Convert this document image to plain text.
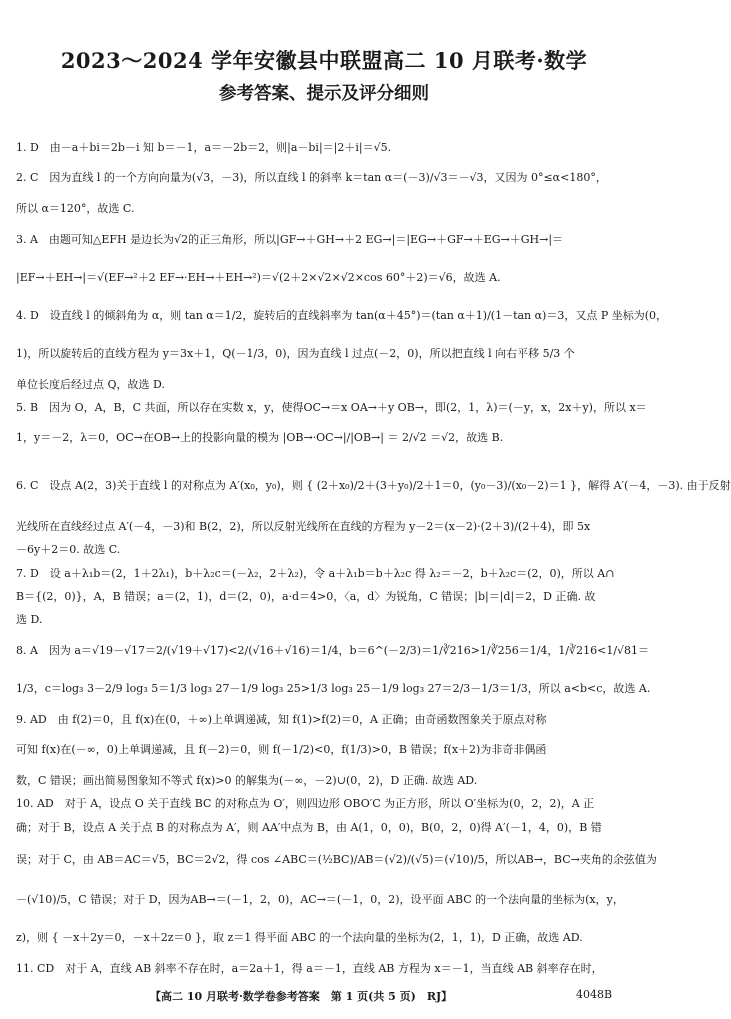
2023～2024 学年安徽县中联盟高二 10 月联考·数学
参考答案、提示及评分细则
1. D　由－a＋bi＝2b－i 知 b＝－1，a＝－2b＝2，则|a－bi|＝|2＋i|＝√5.
2. C　因为直线 l 的一个方向向量为(√3，－3)，所以直线 l 的斜率 k＝tan α＝(－3)/√3＝－√3，又因为 0°≤α<180°，
所以 α＝120°，故选 C.
3. A　由题可知△EFH 是边长为√2的正三角形，所以|GF→＋GH→＋2 EG→|＝|EG→＋GF→＋EG→＋GH→|＝
|EF→＋EH→|＝√(EF→²＋2 EF→·EH→＋EH→²)＝√(2＋2×√2×√2×cos 60°＋2)＝√6，故选 A.
4. D　设直线 l 的倾斜角为 α，则 tan α＝1/2，旋转后的直线斜率为 tan(α＋45°)＝(tan α＋1)/(1－tan α)＝3，又点 P 坐标为(0，
1)，所以旋转后的直线方程为 y＝3x＋1，Q(－1/3，0)，因为直线 l 过点(－2，0)，所以把直线 l 向右平移 5/3 个
单位长度后经过点 Q，故选 D.
5. B　因为 O，A，B，C 共面，所以存在实数 x，y，使得OC→＝x OA→＋y OB→，即(2，1，λ)＝(－y，x，2x＋y)，所以 x＝
1，y＝－2，λ＝0，OC→在OB→上的投影向量的模为 |OB→·OC→|/|OB→| ＝ 2/√2 ＝√2，故选 B.
6. C　设点 A(2，3)关于直线 l 的对称点为 A′(x₀，y₀)，则 { (2＋x₀)/2＋(3＋y₀)/2＋1＝0，(y₀－3)/(x₀－2)＝1 }，解得 A′(－4，－3). 由于反射
光线所在直线经过点 A′(－4，－3)和 B(2，2)，所以反射光线所在直线的方程为 y－2＝(x－2)·(2＋3)/(2＋4)，即 5x
－6y＋2＝0. 故选 C.
7. D　设 a＋λ₁b＝(2，1＋2λ₁)，b＋λ₂c＝(－λ₂，2＋λ₂)，令 a＋λ₁b＝b＋λ₂c 得 λ₂＝－2，b＋λ₂c＝(2，0)，所以 A∩
B＝{(2，0)}，A，B 错误；a＝(2，1)，d＝(2，0)，a·d＝4>0，〈a，d〉为锐角，C 错误；|b|＝|d|＝2，D 正确. 故
选 D.
8. A　因为 a＝√19－√17＝2/(√19＋√17)<2/(√16＋√16)＝1/4，b＝6^(－2/3)＝1/∛216>1/∛256＝1/4，1/∛216<1/√81＝
1/3，c＝log₃ 3－2/9 log₃ 5＝1/3 log₃ 27－1/9 log₃ 25>1/3 log₃ 25－1/9 log₃ 27＝2/3－1/3＝1/3，所以 a<b<c，故选 A.
9. AD　由 f(2)＝0，且 f(x)在(0，＋∞)上单调递减，知 f(1)>f(2)＝0，A 正确；由奇函数图象关于原点对称
可知 f(x)在(－∞，0)上单调递减，且 f(－2)＝0，则 f(－1/2)<0，f(1/3)>0，B 错误；f(x＋2)为非奇非偶函
数，C 错误；画出简易图象知不等式 f(x)>0 的解集为(－∞，－2)∪(0，2)，D 正确. 故选 AD.
10. AD　对于 A，设点 O 关于直线 BC 的对称点为 O′，则四边形 OBO′C 为正方形，所以 O′坐标为(0，2，2)，A 正
确；对于 B，设点 A 关于点 B 的对称点为 A′，则 AA′中点为 B，由 A(1，0，0)，B(0，2，0)得 A′(－1，4，0)，B 错
误；对于 C，由 AB＝AC＝√5，BC＝2√2，得 cos ∠ABC＝(½BC)/AB＝(√2)/(√5)＝(√10)/5，所以AB→，BC→夹角的余弦值为
－(√10)/5，C 错误；对于 D，因为AB→＝(－1，2，0)，AC→＝(－1，0，2)，设平面 ABC 的一个法向量的坐标为(x，y，
z)，则 { －x＋2y＝0，－x＋2z＝0 }，取 z＝1 得平面 ABC 的一个法向量的坐标为(2，1，1)，D 正确，故选 AD.
11. CD　对于 A，直线 AB 斜率不存在时，a＝2a＋1，得 a＝－1，直线 AB 方程为 x＝－1，当直线 AB 斜率存在时，
【高二 10 月联考·数学卷参考答案　第 1 页(共 5 页)　RJ】	4048B
